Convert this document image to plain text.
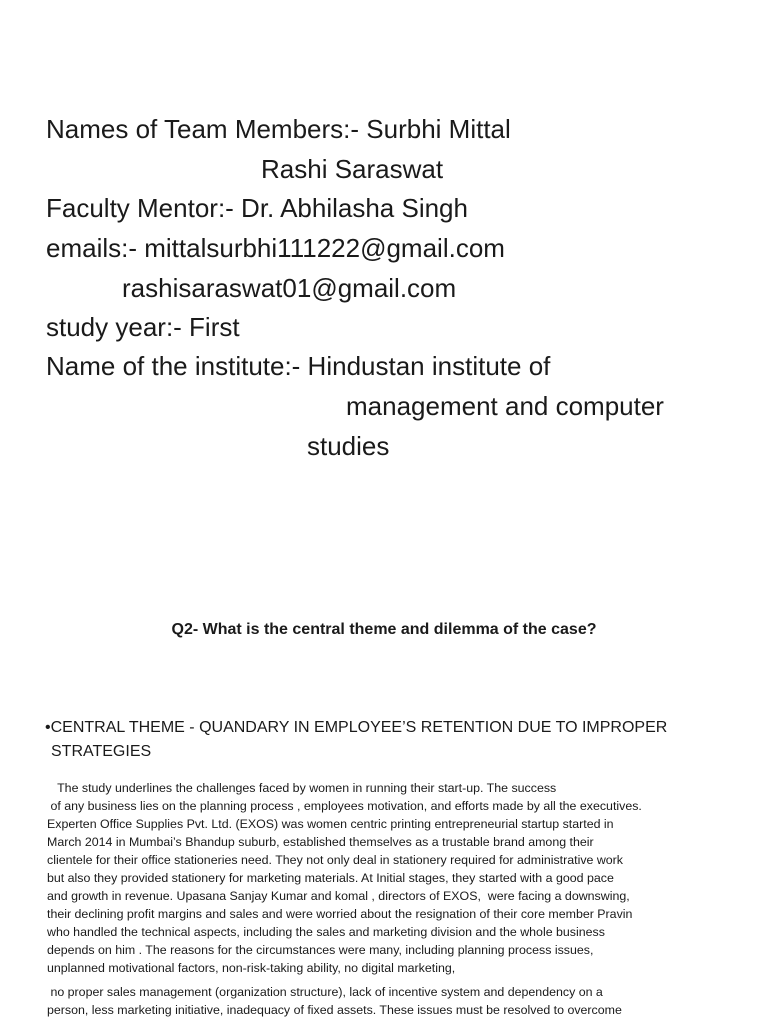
Names of Team Members:- Surbhi Mittal
Rashi Saraswat
Faculty Mentor:- Dr. Abhilasha Singh
emails:- mittalsurbhi111222@gmail.com
rashisaraswat01@gmail.com
study year:- First
Name of the institute:- Hindustan institute of
management and computer
studies
Q2- What is the central theme and dilemma of the case?
•CENTRAL THEME - QUANDARY IN EMPLOYEE’S RETENTION DUE TO IMPROPER
STRATEGIES
The study underlines the challenges faced by women in running their start-up. The success
of any business lies on the planning process , employees motivation, and efforts made by all the executives.
Experten Office Supplies Pvt. Ltd. (EXOS) was women centric printing entrepreneurial startup started in
March 2014 in Mumbai’s Bhandup suburb, established themselves as a trustable brand among their
clientele for their office stationeries need. They not only deal in stationery required for administrative work
but also they provided stationery for marketing materials. At Initial stages, they started with a good pace
and growth in revenue. Upasana Sanjay Kumar and komal , directors of EXOS,  were facing a downswing,
their declining profit margins and sales and were worried about the resignation of their core member Pravin
who handled the technical aspects, including the sales and marketing division and the whole business
depends on him . The reasons for the circumstances were many, including planning process issues,
unplanned motivational factors, non-risk-taking ability, no digital marketing,
no proper sales management (organization structure), lack of incentive system and dependency on a
person, less marketing initiative, inadequacy of fixed assets. These issues must be resolved to overcome
